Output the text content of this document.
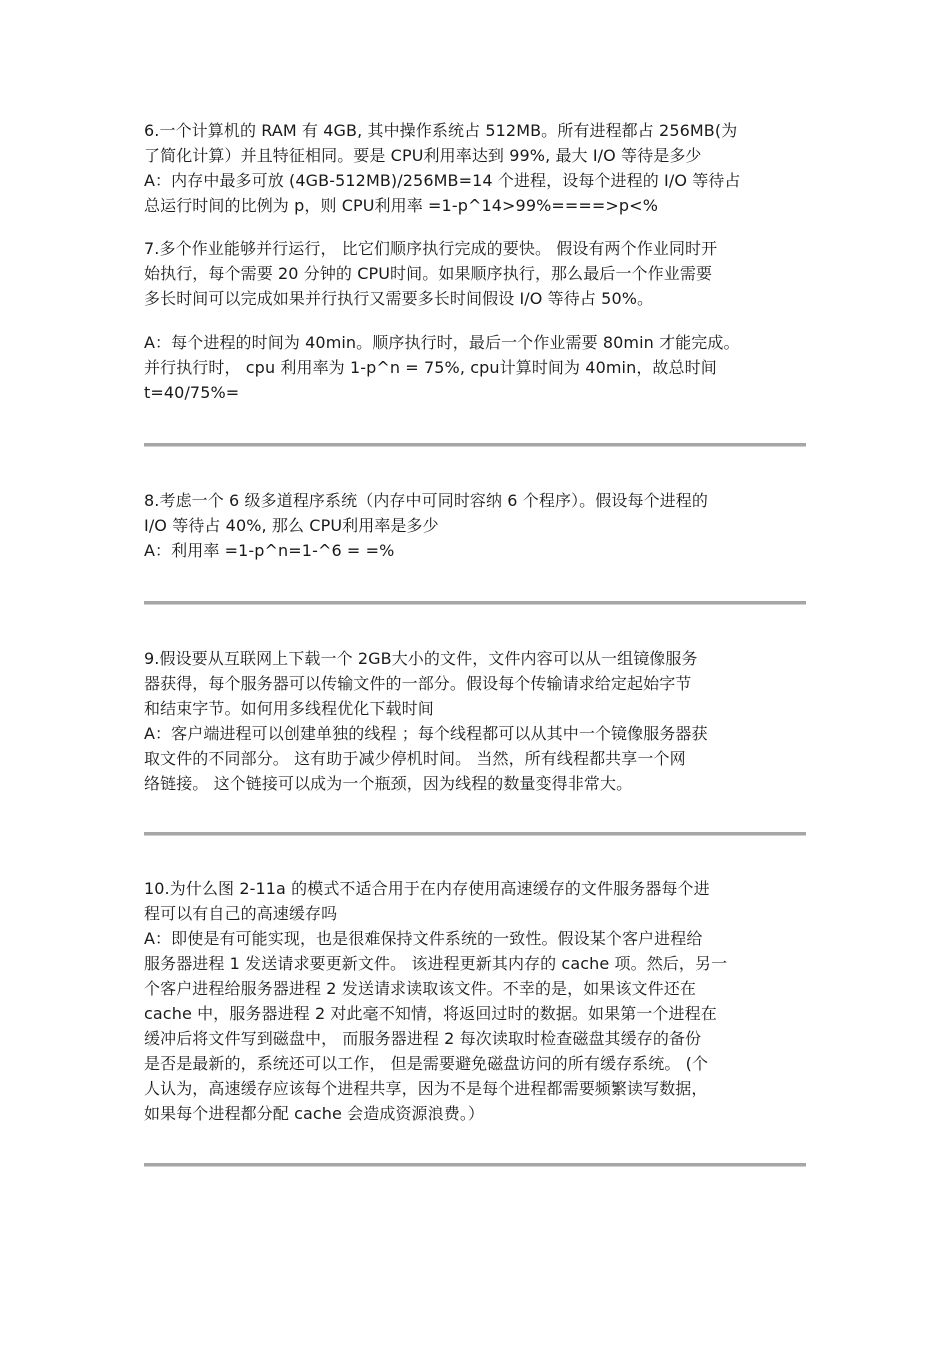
6.一个计算机的 RAM 有 4GB, 其中操作系统占 512MB。所有进程都占 256MB(为
了简化计算）并且特征相同。要是 CPU利用率达到 99%, 最大 I/O 等待是多少
A：内存中最多可放 (4GB-512MB)/256MB=14 个进程，设每个进程的 I/O 等待占
总运行时间的比例为 p，则 CPU利用率 =1-p^14>99%====>p<%
7.多个作业能够并行运行， 比它们顺序执行完成的要快。 假设有两个作业同时开
始执行，每个需要 20 分钟的 CPU时间。如果顺序执行，那么最后一个作业需要
多长时间可以完成如果并行执行又需要多长时间假设 I/O 等待占 50%。
A：每个进程的时间为 40min。顺序执行时，最后一个作业需要 80min 才能完成。
并行执行时， cpu 利用率为 1-p^n = 75%, cpu计算时间为 40min，故总时间
t=40/75%=
8.考虑一个 6 级多道程序系统（内存中可同时容纳 6 个程序）。假设每个进程的
I/O 等待占 40%, 那么 CPU利用率是多少
A：利用率 =1-p^n=1-^6 = =%
9.假设要从互联网上下载一个 2GB大小的文件，文件内容可以从一组镜像服务
器获得，每个服务器可以传输文件的一部分。假设每个传输请求给定起始字节
和结束字节。如何用多线程优化下载时间
A：客户端进程可以创建单独的线程 ；每个线程都可以从其中一个镜像服务器获
取文件的不同部分。 这有助于减少停机时间。 当然，所有线程都共享一个网
络链接。 这个链接可以成为一个瓶颈，因为线程的数量变得非常大。
10.为什么图 2-11a 的模式不适合用于在内存使用高速缓存的文件服务器每个进
程可以有自己的高速缓存吗
A：即使是有可能实现，也是很难保持文件系统的一致性。假设某个客户进程给
服务器进程 1 发送请求要更新文件。 该进程更新其内存的 cache 项。然后，另一
个客户进程给服务器进程 2 发送请求读取该文件。不幸的是，如果该文件还在
cache 中，服务器进程 2 对此毫不知情，将返回过时的数据。如果第一个进程在
缓冲后将文件写到磁盘中， 而服务器进程 2 每次读取时检查磁盘其缓存的备份
是否是最新的，系统还可以工作， 但是需要避免磁盘访问的所有缓存系统。 (个
人认为，高速缓存应该每个进程共享，因为不是每个进程都需要频繁读写数据，
如果每个进程都分配 cache 会造成资源浪费。）
